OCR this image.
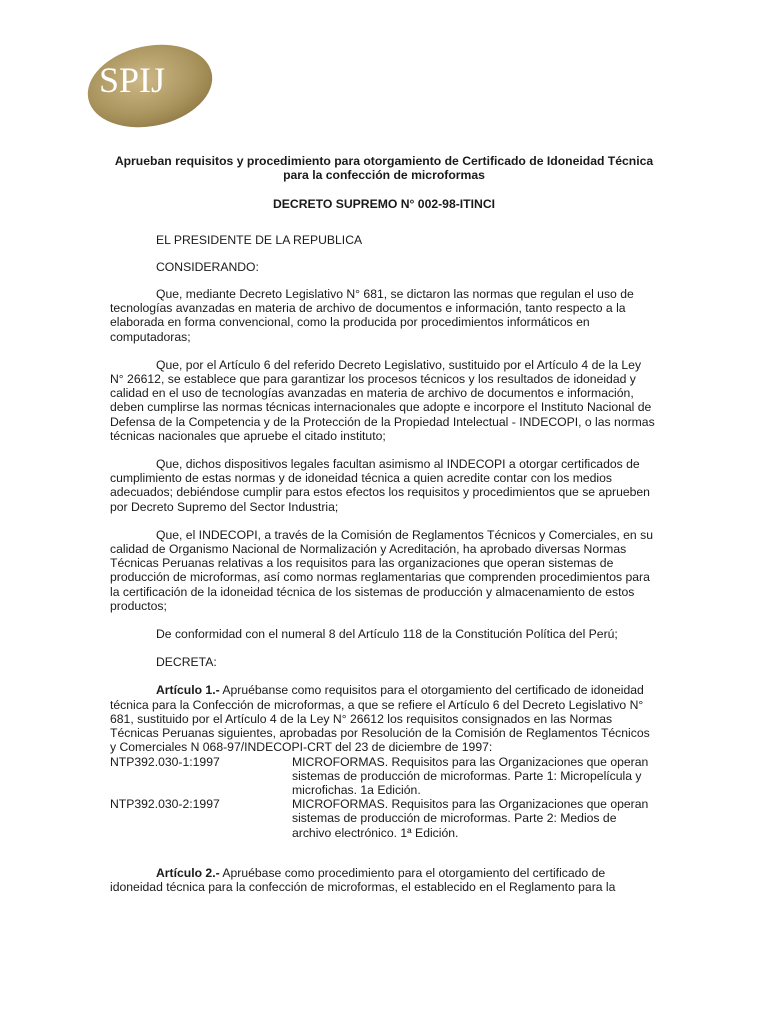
SPIJ

Aprueban requisitos y procedimiento para otorgamiento de Certificado de Idoneidad Técnica para la confección de microformas

DECRETO SUPREMO N° 002-98-ITINCI

EL PRESIDENTE DE LA REPUBLICA

CONSIDERANDO:

Que, mediante Decreto Legislativo N° 681, se dictaron las normas que regulan el uso de tecnologías avanzadas en materia de archivo de documentos e información, tanto respecto a la elaborada en forma convencional, como la producida por procedimientos informáticos en computadoras;

Que, por el Artículo 6 del referido Decreto Legislativo, sustituido por el Artículo 4 de la Ley N° 26612, se establece que para garantizar los procesos técnicos y los resultados de idoneidad y calidad en el uso de tecnologías avanzadas en materia de archivo de documentos e información, deben cumplirse las normas técnicas internacionales que adopte e incorpore el Instituto Nacional de Defensa de la Competencia y de la Protección de la Propiedad Intelectual - INDECOPI, o las normas técnicas nacionales que apruebe el citado instituto;

Que, dichos dispositivos legales facultan asimismo al INDECOPI a otorgar certificados de cumplimiento de estas normas y de idoneidad técnica a quien acredite contar con los medios adecuados; debiéndose cumplir para estos efectos los requisitos y procedimientos que se aprueben por Decreto Supremo del Sector Industria;

Que, el INDECOPI, a través de la Comisión de Reglamentos Técnicos y Comerciales, en su calidad de Organismo Nacional de Normalización y Acreditación, ha aprobado diversas Normas Técnicas Peruanas relativas a los requisitos para las organizaciones que operan sistemas de producción de microformas, así como normas reglamentarias que comprenden procedimientos para la certificación de la idoneidad técnica de los sistemas de producción y almacenamiento de estos productos;

De conformidad con el numeral 8 del Artículo 118 de la Constitución Política del Perú;

DECRETA:

Artículo 1.- Apruébanse como requisitos para el otorgamiento del certificado de idoneidad técnica para la Confección de microformas, a que se refiere el Artículo 6 del Decreto Legislativo N° 681, sustituido por el Artículo 4 de la Ley N° 26612 los requisitos consignados en las Normas Técnicas Peruanas siguientes, aprobadas por Resolución de la Comisión de Reglamentos Técnicos y Comerciales N 068-97/INDECOPI-CRT del 23 de diciembre de 1997:

NTP392.030-1:1997	MICROFORMAS. Requisitos para las Organizaciones que operan sistemas de producción de microformas. Parte 1: Micropelícula y microfichas. 1a Edición.
NTP392.030-2:1997	MICROFORMAS. Requisitos para las Organizaciones que operan sistemas de producción de microformas. Parte 2: Medios de archivo electrónico. 1ª Edición.

Artículo 2.- Apruébase como procedimiento para el otorgamiento del certificado de idoneidad técnica para la confección de microformas, el establecido en el Reglamento para la
